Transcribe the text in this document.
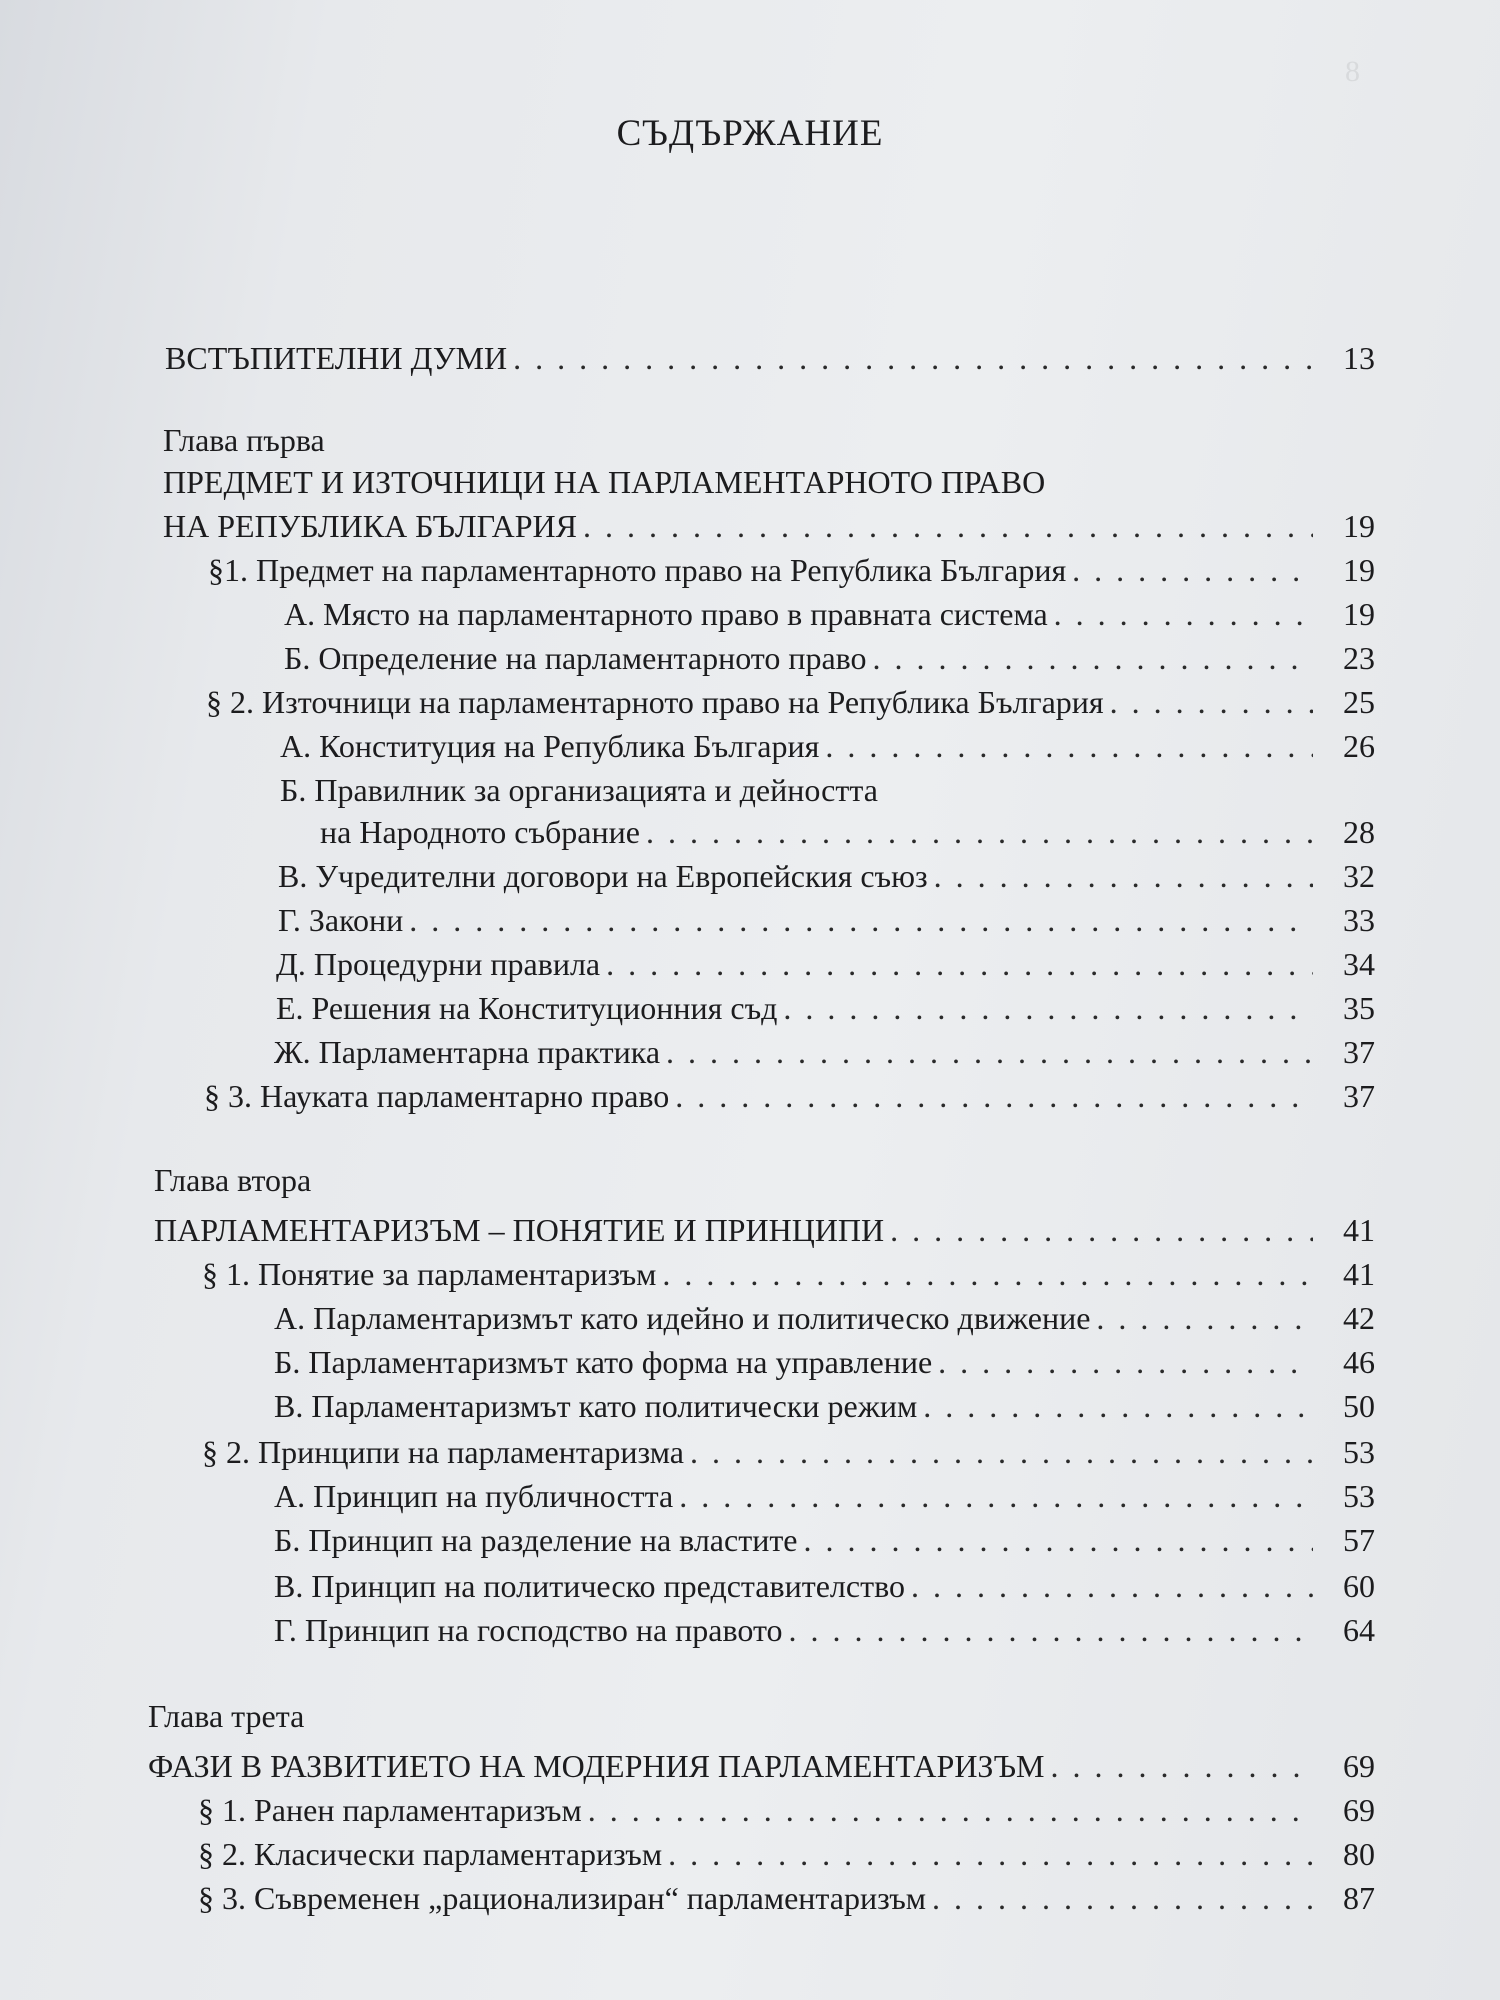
8
СЪДЪРЖАНИЕ
ВСТЪПИТЕЛНИ ДУМИ . . .	13
Глава първа
ПРЕДМЕТ И ИЗТОЧНИЦИ НА ПАРЛАМЕНТАРНОТО ПРАВО
НА РЕПУБЛИКА БЪЛГАРИЯ . . .	19
§1. Предмет на парламентарното право на Република България . . .	19
А. Място на парламентарното право в правната система . . .	19
Б. Определение на парламентарното право . . .	23
§ 2. Източници на парламентарното право на Република България . . .	25
А. Конституция на Република България . . .	26
Б. Правилник за организацията и дейността
на Народното събрание . . .	28
В. Учредителни договори на Европейския съюз . . .	32
Г. Закони . . .	33
Д. Процедурни правила . . .	34
Е. Решения на Конституционния съд . . .	35
Ж. Парламентарна практика . . .	37
§ 3. Науката парламентарно право . . .	37
Глава втора
ПАРЛАМЕНТАРИЗЪМ – ПОНЯТИЕ И ПРИНЦИПИ . . .	41
§ 1. Понятие за парламентаризъм . . .	41
А. Парламентаризмът като идейно и политическо движение . . .	42
Б. Парламентаризмът като форма на управление . . .	46
В. Парламентаризмът като политически режим . . .	50
§ 2. Принципи на парламентаризма . . .	53
А. Принцип на публичността . . .	53
Б. Принцип на разделение на властите . . .	57
В. Принцип на политическо представителство . . .	60
Г. Принцип на господство на правото . . .	64
Глава трета
ФАЗИ В РАЗВИТИЕТО НА МОДЕРНИЯ ПАРЛАМЕНТАРИЗЪМ . . .	69
§ 1. Ранен парламентаризъм . . .	69
§ 2. Класически парламентаризъм . . .	80
§ 3. Съвременен „рационализиран“ парламентаризъм . . .	87
